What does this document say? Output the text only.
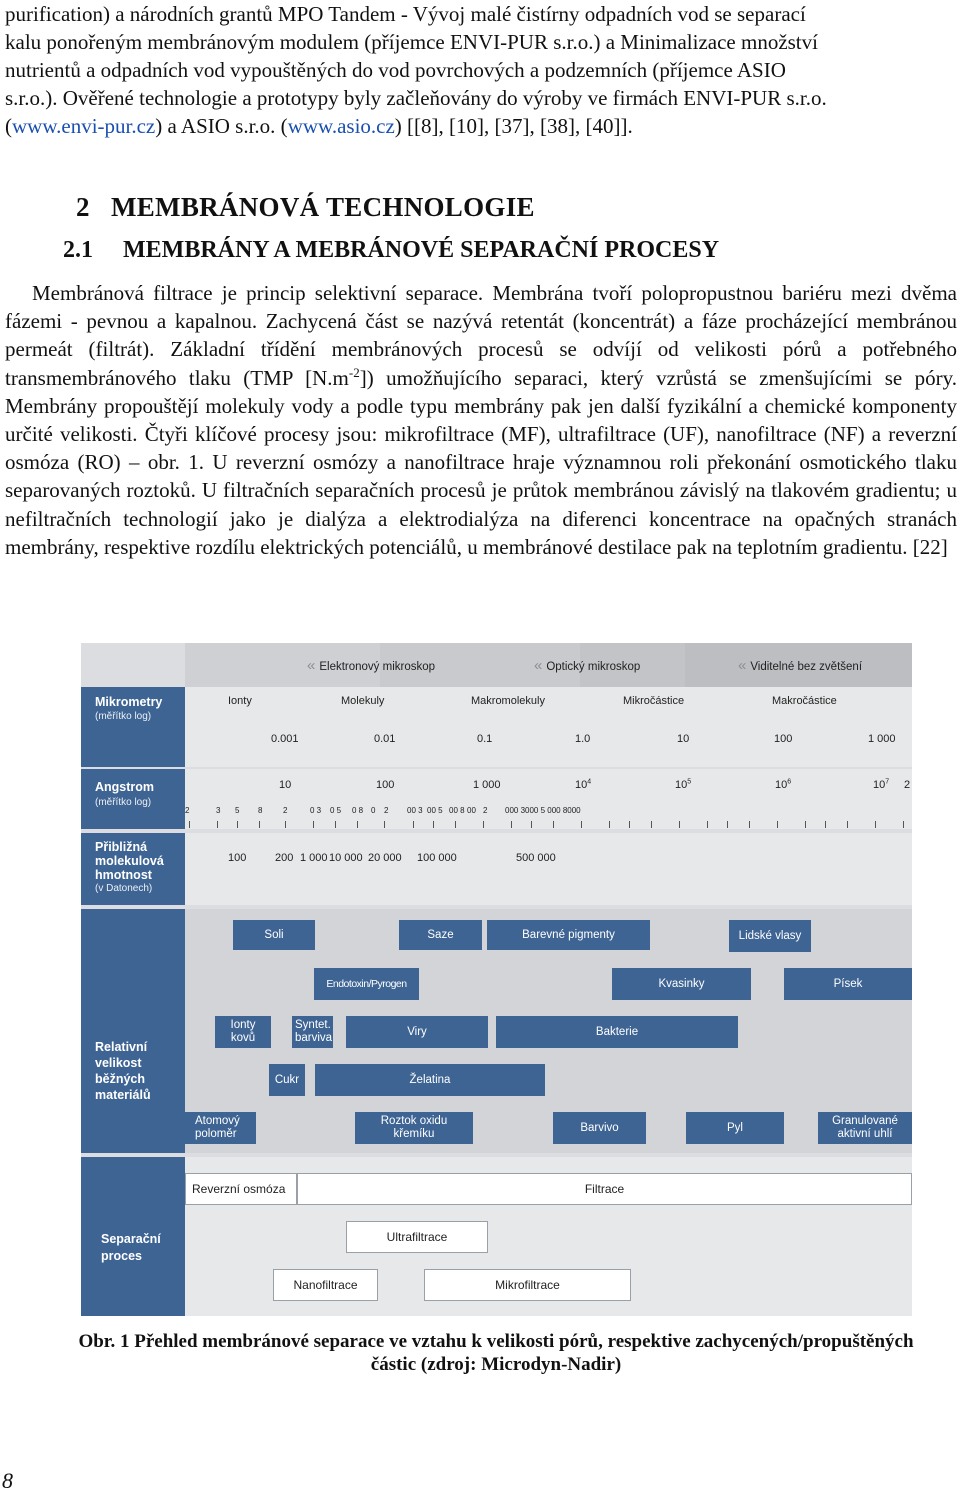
purification) a národních grantů MPO Tandem - Vývoj malé čistírny odpadních vod se separací
kalu ponořeným membránovým modulem (příjemce ENVI-PUR s.r.o.) a Minimalizace množství
nutrientů a odpadních vod vypouštěných do vod povrchových a podzemních (příjemce ASIO
s.r.o.). Ověřené technologie a prototypy byly začleňovány do výroby ve firmách ENVI-PUR s.r.o.
(www.envi-pur.cz) a ASIO s.r.o. (www.asio.cz) [[8], [10], [37], [38], [40]].
2   MEMBRÁNOVÁ TECHNOLOGIE
2.1     MEMBRÁNY A MEBRÁNOVÉ SEPARAČNÍ PROCESY
Membránová filtrace je princip selektivní separace. Membrána tvoří polopropustnou bariéru mezi dvěma fázemi - pevnou a kapalnou. Zachycená část se nazývá retentát (koncentrát) a fáze procházející membránou permeát (filtrát). Základní třídění membránových procesů se odvíjí od velikosti pórů a potřebného transmembránového tlaku (TMP $[N.m^{-2}]$) umožňujícího separaci, který vzrůstá se zmenšujícími se póry. Membrány propouštějí molekuly vody a podle typu membrány pak jen další fyzikální a chemické komponenty určité velikosti. Čtyři klíčové procesy jsou: mikrofiltrace (MF), ultrafiltrace (UF), nanofiltrace (NF) a reverzní osmóza (RO) – obr. 1. U reverzní osmózy a nanofiltrace hraje významnou roli překonání osmotického tlaku separovaných roztoků. U filtračních separačních procesů je průtok membránou závislý na tlakovém gradientu; u nefiltračních technologií jako je dialýza a elektrodialýza na diferenci koncentrace na opačných stranách membrány, respektive rozdílu elektrických potenciálů, u membránové destilace pak na teplotním gradientu. [22]
« Elektronový mikroskop	« Optický mikroskop	« Viditelné bez zvětšení
Mikrometry
(měřítko log)
Ionty	Molekuly	Makromolekuly	Mikročástice	Makročástice
0.001	0.01	0.1	1.0	10	100	1 000
Angstrom
(měřítko log)
10	100	1 000	$10^4$	$10^5$	$10^6$	$10^7$ 2
2	3 5 8	2	0 3 0 5 0 8 0 2 00 3 00 5 00 8 00 2 000 3000 5 000 8000
Přibližná
molekulová
hmotnost
(v Datonech)
100	200 1 000 10 000 20 000 100 000	500 000
Relativní
velikost
běžných
materiálů
Soli	Saze	Barevné pigmenty	Lidské vlasy
Endotoxin/Pyrogen	Kvasinky	Písek
Ionty
kovů
Syntet.
barviva
Viry	Bakterie
Cukr	Želatina
Atomový
poloměr
Roztok oxidu
křemíku
Barvivo	Pyl
Granulované
aktivní uhlí
Separační
proces
Reverzní osmóza	Filtrace
Ultrafiltrace
Nanofiltrace	Mikrofiltrace
Obr. 1 Přehled membránové separace ve vztahu k velikosti pórů, respektive zachycených/propuštěných
částic (zdroj: Microdyn-Nadir)
8
